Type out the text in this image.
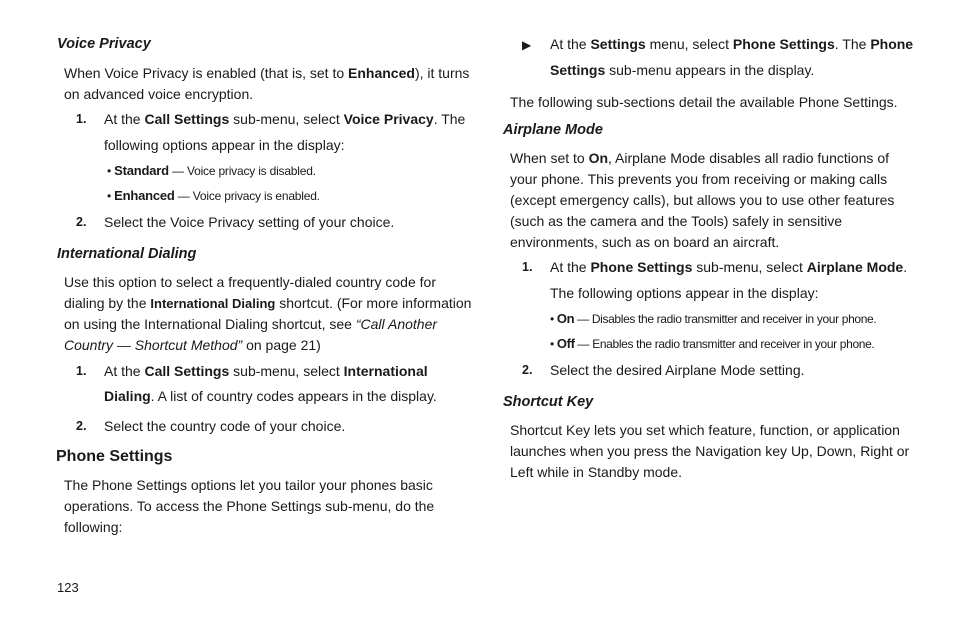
Voice Privacy
When Voice Privacy is enabled (that is, set to Enhanced), it turns
on advanced voice encryption.
1. At the Call Settings sub-menu, select Voice Privacy. The
following options appear in the display:
• Standard — Voice privacy is disabled.
• Enhanced — Voice privacy is enabled.
2. Select the Voice Privacy setting of your choice.
International Dialing
Use this option to select a frequently-dialed country code for
dialing by the International Dialing shortcut. (For more information
on using the International Dialing shortcut, see “Call Another
Country — Shortcut Method” on page 21)
1. At the Call Settings sub-menu, select International
Dialing. A list of country codes appears in the display.
2. Select the country code of your choice.
Phone Settings
The Phone Settings options let you tailor your phones basic
operations. To access the Phone Settings sub-menu, do the
following:
123
▶ At the Settings menu, select Phone Settings. The Phone
Settings sub-menu appears in the display.
The following sub-sections detail the available Phone Settings.
Airplane Mode
When set to On, Airplane Mode disables all radio functions of
your phone. This prevents you from receiving or making calls
(except emergency calls), but allows you to use other features
(such as the camera and the Tools) safely in sensitive
environments, such as on board an aircraft.
1. At the Phone Settings sub-menu, select Airplane Mode.
The following options appear in the display:
• On — Disables the radio transmitter and receiver in your phone.
• Off — Enables the radio transmitter and receiver in your phone.
2. Select the desired Airplane Mode setting.
Shortcut Key
Shortcut Key lets you set which feature, function, or application
launches when you press the Navigation key Up, Down, Right or
Left while in Standby mode.
